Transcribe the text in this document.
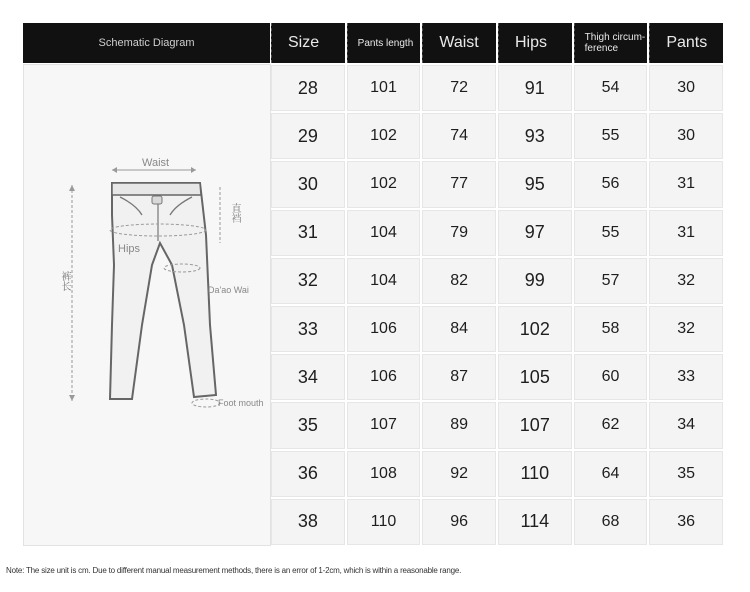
Schematic Diagram
Waist
Hips
Da'ao Wai
Foot mouth
直裆
裤长
Size	Pants length	Waist	Hips	Thigh circum-ference	Pants
28	101	72	91	54	30
29	102	74	93	55	30
30	102	77	95	56	31
31	104	79	97	55	31
32	104	82	99	57	32
33	106	84	102	58	32
34	106	87	105	60	33
35	107	89	107	62	34
36	108	92	110	64	35
38	110	96	114	68	36
Note: The size unit is cm. Due to different manual measurement methods, there is an error of 1-2cm, which is within a reasonable range.
